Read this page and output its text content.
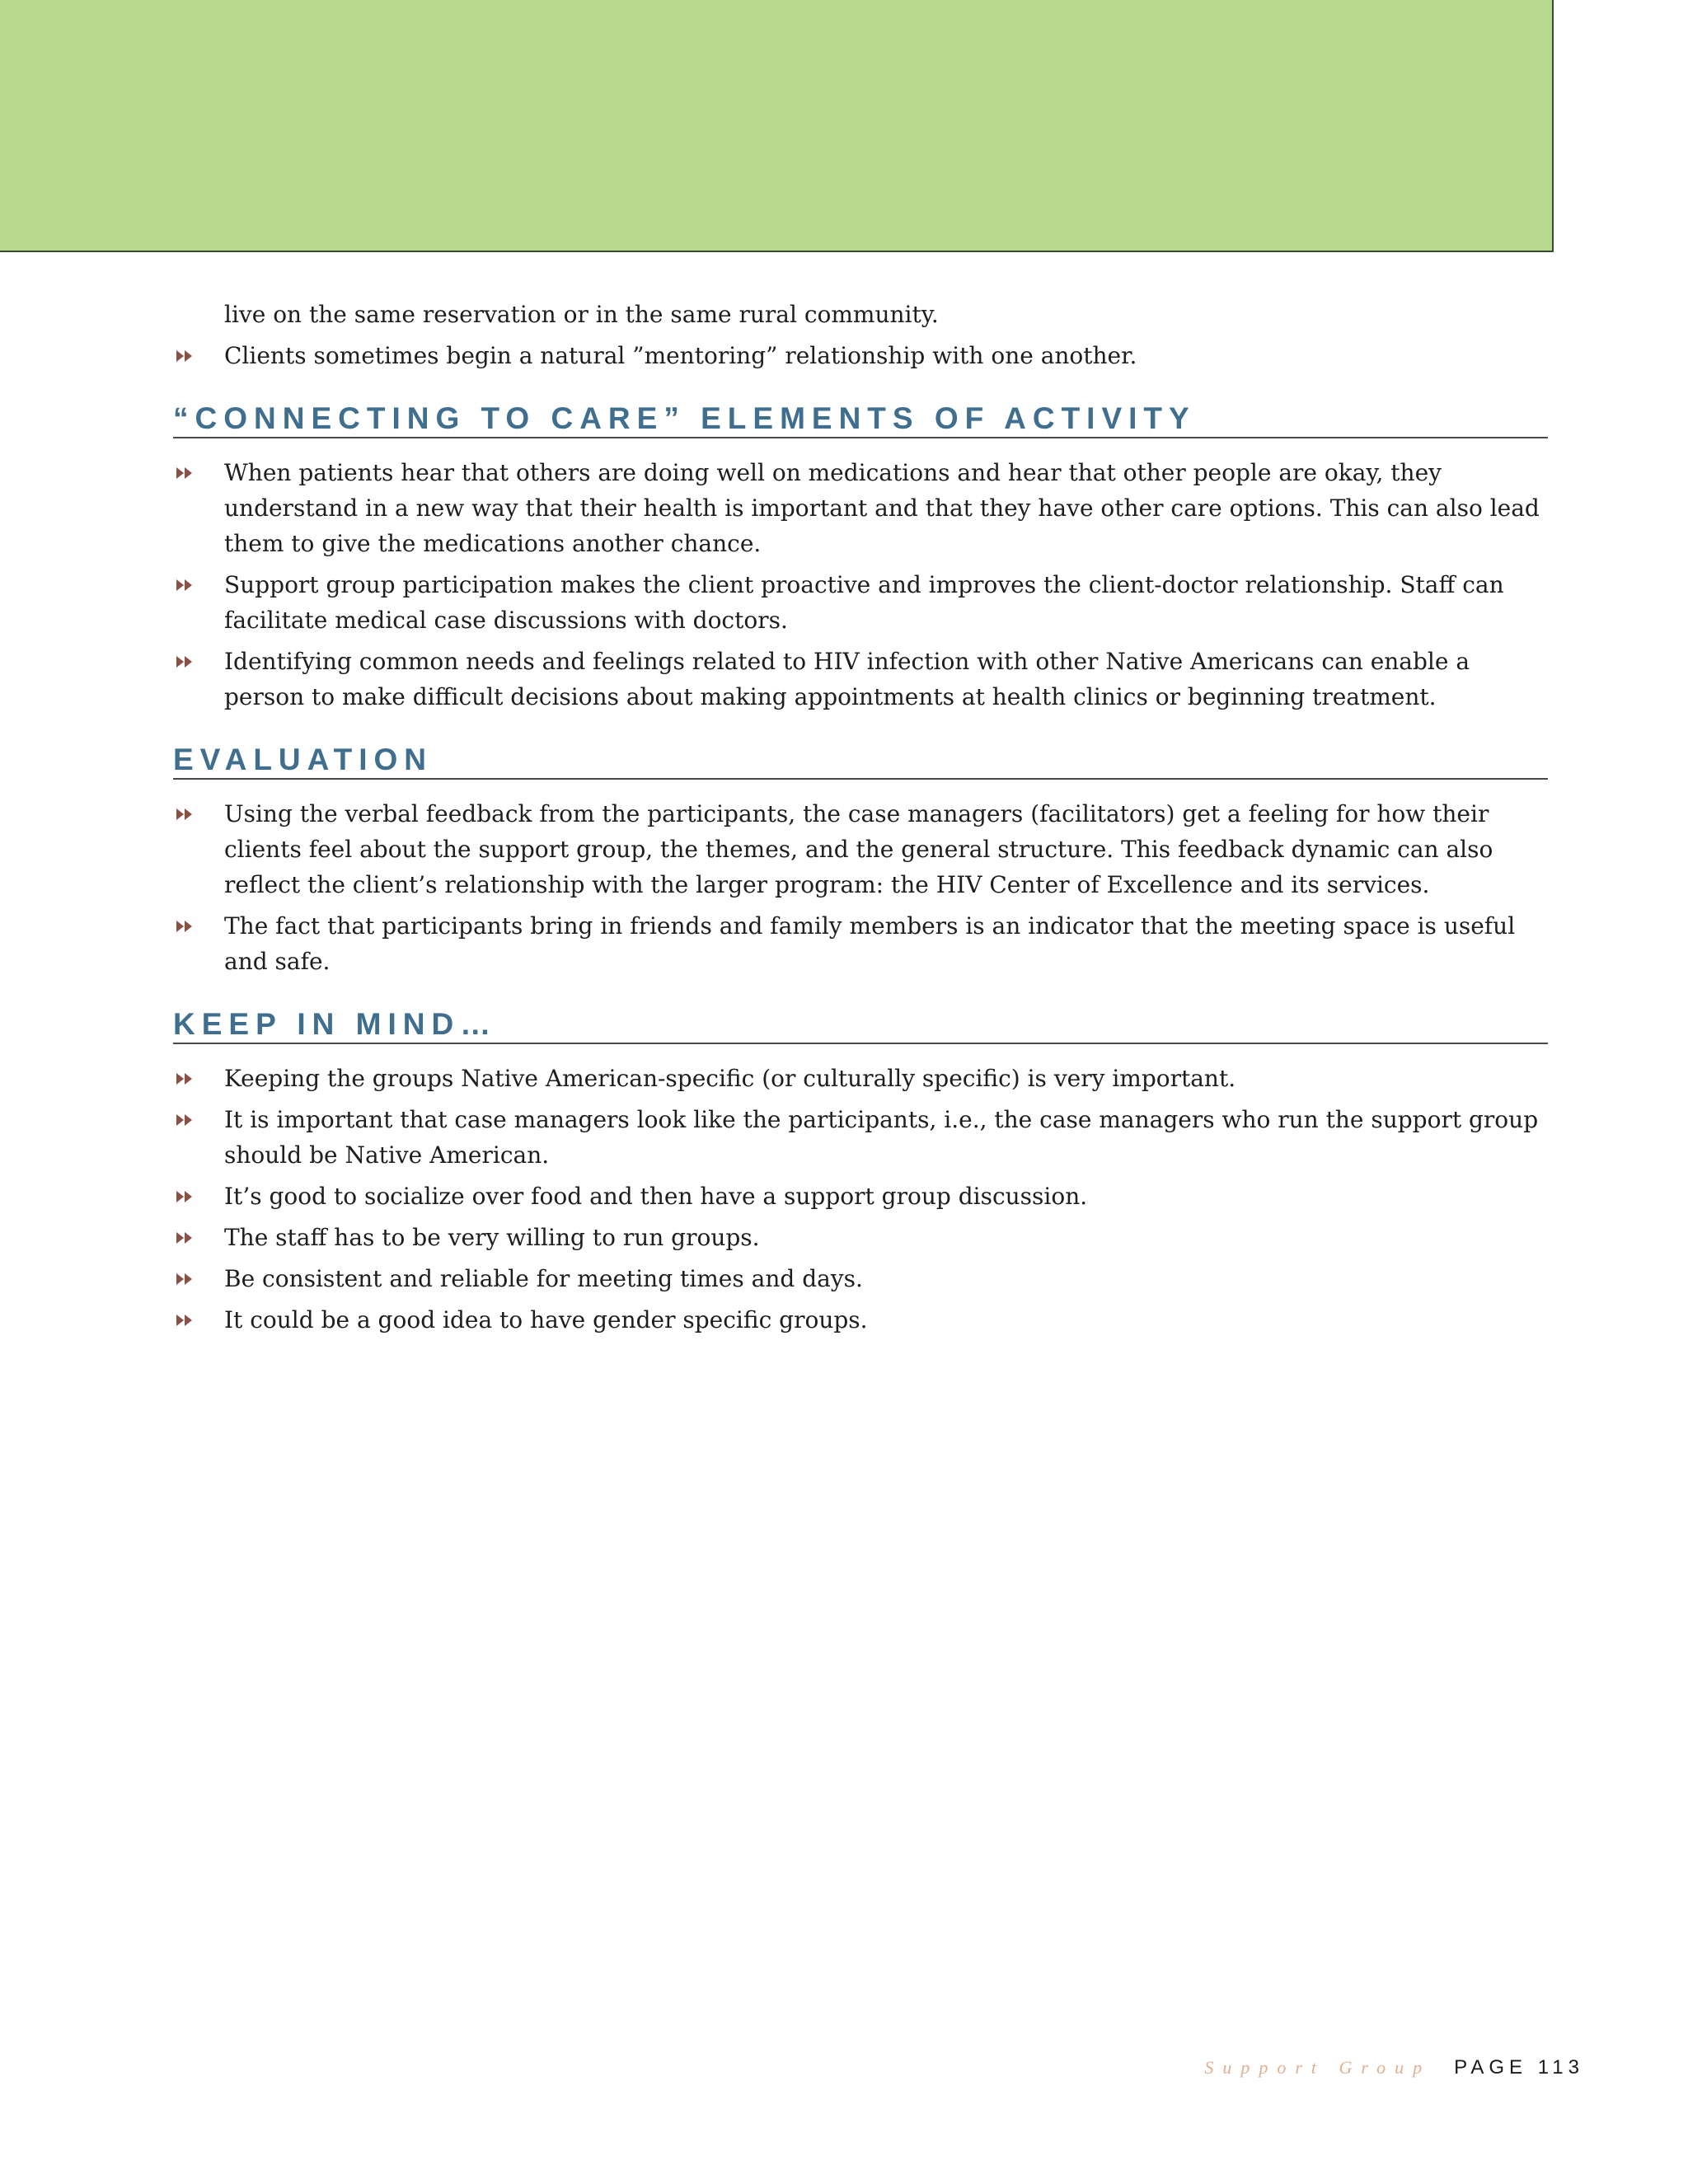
live on the same reservation or in the same rural community.
Clients sometimes begin a natural ”mentoring” relationship with one another.
“CONNECTING TO CARE” ELEMENTS OF ACTIVITY
When patients hear that others are doing well on medications and hear that other people are okay, they understand in a new way that their health is important and that they have other care options. This can also lead them to give the medications another chance.
Support group participation makes the client proactive and improves the client-doctor relationship. Staff can facilitate medical case discussions with doctors.
Identifying common needs and feelings related to HIV infection with other Native Americans can enable a person to make difficult decisions about making appointments at health clinics or beginning treatment.
EVALUATION
Using the verbal feedback from the participants, the case managers (facilitators) get a feeling for how their clients feel about the support group, the themes, and the general structure. This feedback dynamic can also reflect the client’s relationship with the larger program: the HIV Center of Excellence and its services.
The fact that participants bring in friends and family members is an indicator that the meeting space is useful and safe.
KEEP IN MIND…
Keeping the groups Native American-specific (or culturally specific) is very important.
It is important that case managers look like the participants, i.e., the case managers who run the support group should be Native American.
It’s good to socialize over food and then have a support group discussion.
The staff has to be very willing to run groups.
Be consistent and reliable for meeting times and days.
It could be a good idea to have gender specific groups.
Support Group PAGE 113
